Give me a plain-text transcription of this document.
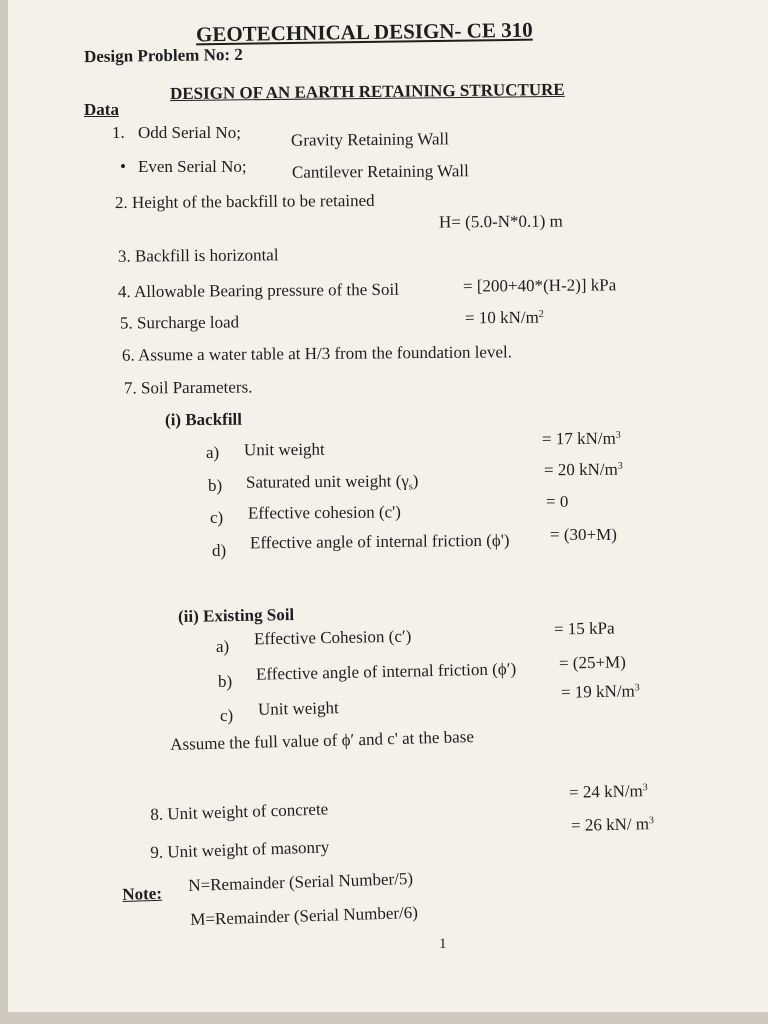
GEOTECHNICAL DESIGN- CE 310
Design Problem No: 2
DESIGN OF AN EARTH RETAINING STRUCTURE
Data
1. Odd Serial No;	Gravity Retaining Wall
• Even Serial No;	Cantilever Retaining Wall
2. Height of the backfill to be retained
H= (5.0-N*0.1) m
3. Backfill is horizontal
4. Allowable Bearing pressure of the Soil	= [200+40*(H-2)] kPa
5. Surcharge load	= 10 $kN/m^2$
6. Assume a water table at H/3 from the foundation level.
7. Soil Parameters.
(i) Backfill
a) Unit weight
= 17 $kN/m^3$
b) Saturated unit weight $(\gamma_s)$
= 20 $kN/m^3$
c) Effective cohesion (c')
= 0
d) Effective angle of internal friction (ϕ') = (30+M)
(ii) Existing Soil
a) Effective Cohesion (c′)	= 15 kPa
b) Effective angle of internal friction (ϕ′)	= (25+M)
c) Unit weight
= 19 $kN/m^3$
Assume the full value of ϕ′ and c' at the base
8. Unit weight of concrete
= 24 $kN/m^3$
9. Unit weight of masonry
= 26 kN/ $m^3$
Note: N=Remainder (Serial Number/5)
M=Remainder (Serial Number/6)
1
